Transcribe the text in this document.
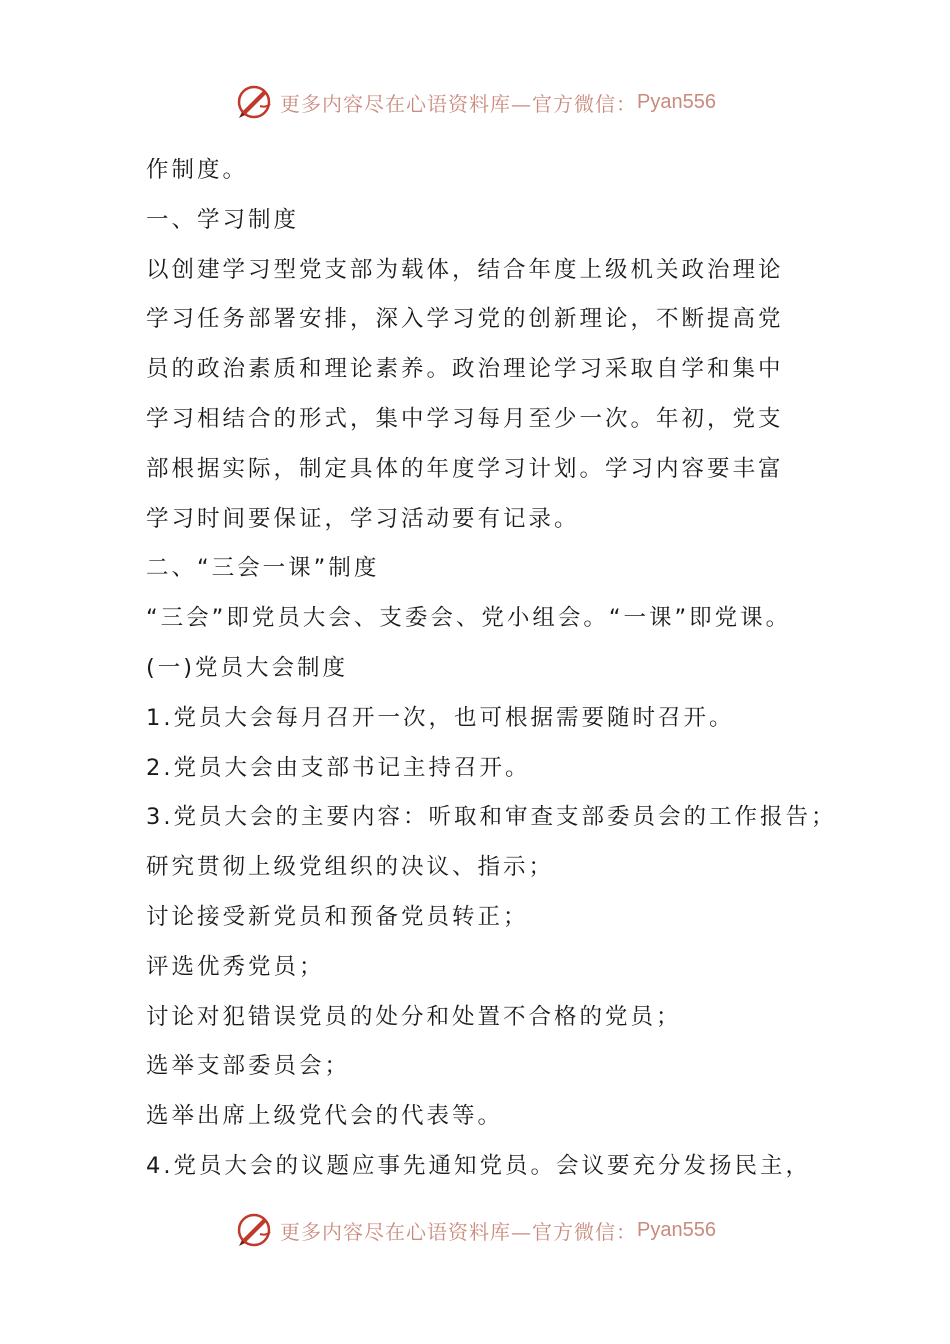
更多内容尽在心语资料库—官方微信： Pyan556
作制度。
一、学习制度
以创建学习型党支部为载体，结合年度上级机关政治理论
学习任务部署安排，深入学习党的创新理论，不断提高党
员的政治素质和理论素养。政治理论学习采取自学和集中
学习相结合的形式，集中学习每月至少一次。年初，党支
部根据实际，制定具体的年度学习计划。学习内容要丰富
学习时间要保证，学习活动要有记录。
二、“三会一课”制度
“三会”即党员大会、支委会、党小组会。“一课”即党课。
(一)党员大会制度
1.党员大会每月召开一次，也可根据需要随时召开。
2.党员大会由支部书记主持召开。
3.党员大会的主要内容：听取和审查支部委员会的工作报告；
研究贯彻上级党组织的决议、指示；
讨论接受新党员和预备党员转正；
评选优秀党员；
讨论对犯错误党员的处分和处置不合格的党员；
选举支部委员会；
选举出席上级党代会的代表等。
4.党员大会的议题应事先通知党员。会议要充分发扬民主，
更多内容尽在心语资料库—官方微信： Pyan556
